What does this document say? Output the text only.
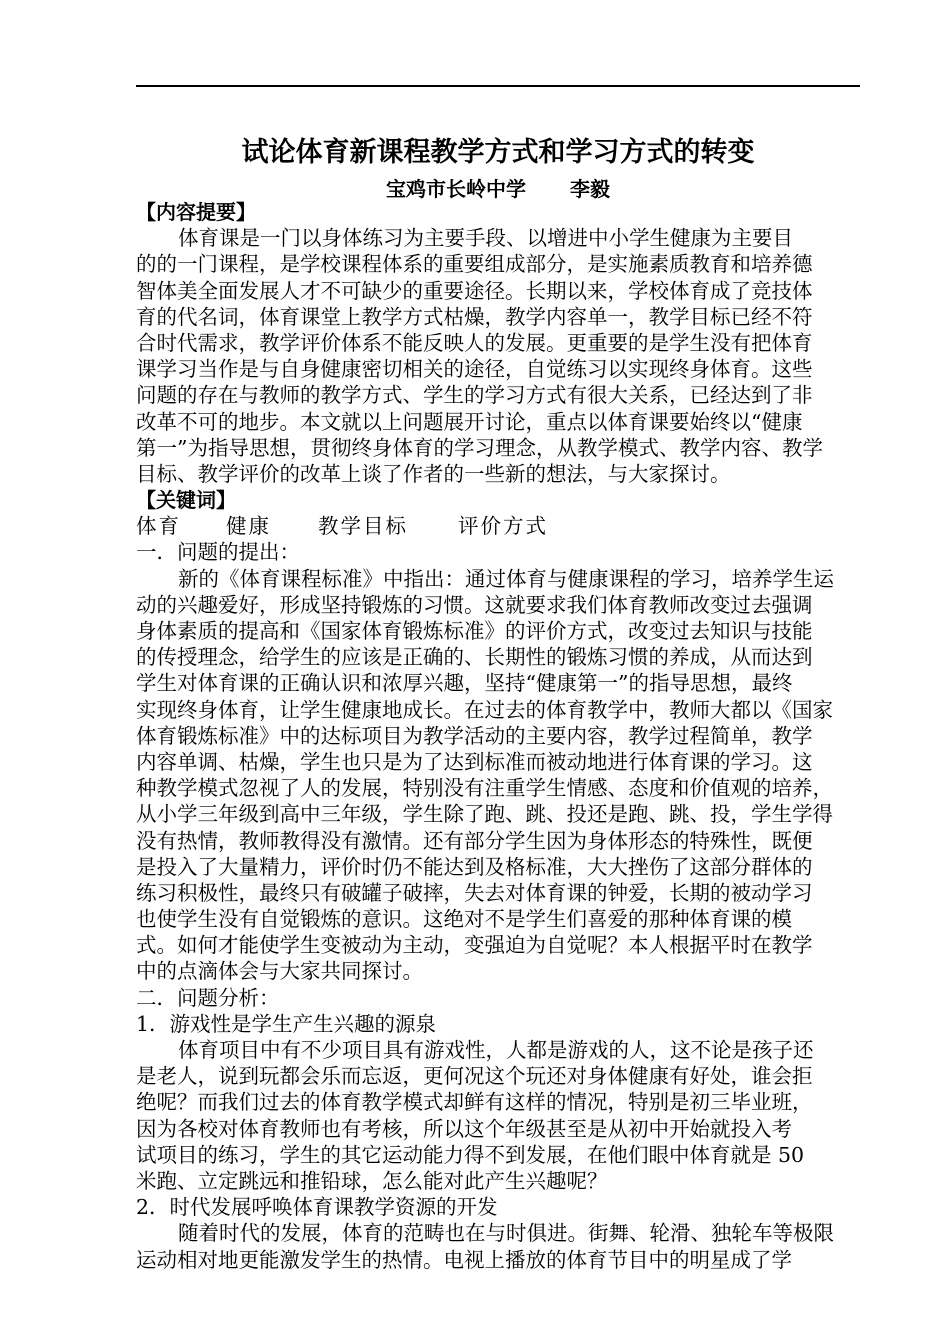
试论体育新课程教学方式和学习方式的转变
宝鸡市长岭中学 李毅
【内容提要】
体育课是一门以身体练习为主要手段、以增进中小学生健康为主要目
的的一门课程，是学校课程体系的重要组成部分，是实施素质教育和培养德
智体美全面发展人才不可缺少的重要途径。长期以来，学校体育成了竞技体
育的代名词，体育课堂上教学方式枯燥，教学内容单一，教学目标已经不符
合时代需求，教学评价体系不能反映人的发展。更重要的是学生没有把体育
课学习当作是与自身健康密切相关的途径，自觉练习以实现终身体育。这些
问题的存在与教师的教学方式、学生的学习方式有很大关系，已经达到了非
改革不可的地步。本文就以上问题展开讨论，重点以体育课要始终以“健康
第一”为指导思想，贯彻终身体育的学习理念，从教学模式、教学内容、教学
目标、教学评价的改革上谈了作者的一些新的想法，与大家探讨。
【关键词】
体育 健康 教学目标 评价方式
一．问题的提出：
新的《体育课程标准》中指出：通过体育与健康课程的学习，培养学生运
动的兴趣爱好，形成坚持锻炼的习惯。这就要求我们体育教师改变过去强调
身体素质的提高和《国家体育锻炼标准》的评价方式，改变过去知识与技能
的传授理念，给学生的应该是正确的、长期性的锻炼习惯的养成，从而达到
学生对体育课的正确认识和浓厚兴趣，坚持“健康第一”的指导思想，最终
实现终身体育，让学生健康地成长。在过去的体育教学中，教师大都以《国家
体育锻炼标准》中的达标项目为教学活动的主要内容，教学过程简单，教学
内容单调、枯燥，学生也只是为了达到标准而被动地进行体育课的学习。这
种教学模式忽视了人的发展，特别没有注重学生情感、态度和价值观的培养，
从小学三年级到高中三年级，学生除了跑、跳、投还是跑、跳、投，学生学得
没有热情，教师教得没有激情。还有部分学生因为身体形态的特殊性，既便
是投入了大量精力，评价时仍不能达到及格标准，大大挫伤了这部分群体的
练习积极性，最终只有破罐子破摔，失去对体育课的钟爱，长期的被动学习
也使学生没有自觉锻炼的意识。这绝对不是学生们喜爱的那种体育课的模
式。如何才能使学生变被动为主动，变强迫为自觉呢？本人根据平时在教学
中的点滴体会与大家共同探讨。
二．问题分析：
1．游戏性是学生产生兴趣的源泉
体育项目中有不少项目具有游戏性，人都是游戏的人，这不论是孩子还
是老人，说到玩都会乐而忘返，更何况这个玩还对身体健康有好处，谁会拒
绝呢？而我们过去的体育教学模式却鲜有这样的情况，特别是初三毕业班，
因为各校对体育教师也有考核，所以这个年级甚至是从初中开始就投入考
试项目的练习，学生的其它运动能力得不到发展，在他们眼中体育就是 50
米跑、立定跳远和推铅球，怎么能对此产生兴趣呢？
2．时代发展呼唤体育课教学资源的开发
随着时代的发展，体育的范畴也在与时俱进。街舞、轮滑、独轮车等极限
运动相对地更能激发学生的热情。电视上播放的体育节目中的明星成了学
